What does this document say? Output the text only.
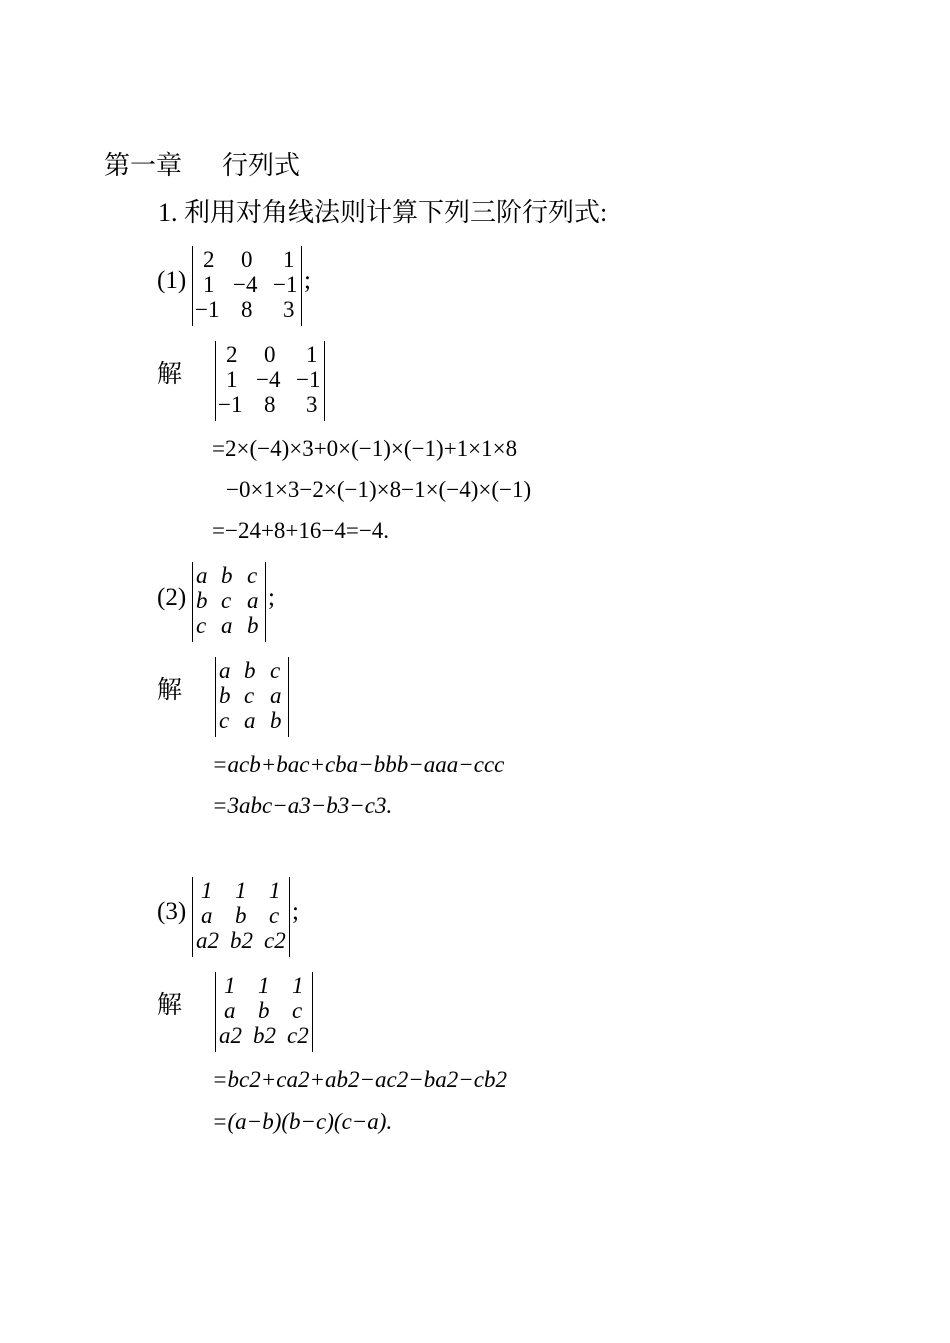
第一章 行列式
1. 利用对角线法则计算下列三阶行列式:
(1)
2 0 1
1 −4 −1
−1 8 3
;
解
2 0 1
1 −4 −1
−1 8 3
=2×(−4)×3+0×(−1)×(−1)+1×1×8
−0×1×3−2×(−1)×8−1×(−4)×(−1)
=−24+8+16−4=−4.
(2)
a b c
b c a
c a b
;
解
a b c
b c a
c a b
=acb+bac+cba−bbb−aaa−ccc
=3abc−a3−b3−c3.
(3)
1 1 1
a b c
a2 b2 c2
;
解
1 1 1
a b c
a2 b2 c2
=bc2+ca2+ab2−ac2−ba2−cb2
=(a−b)(b−c)(c−a).
